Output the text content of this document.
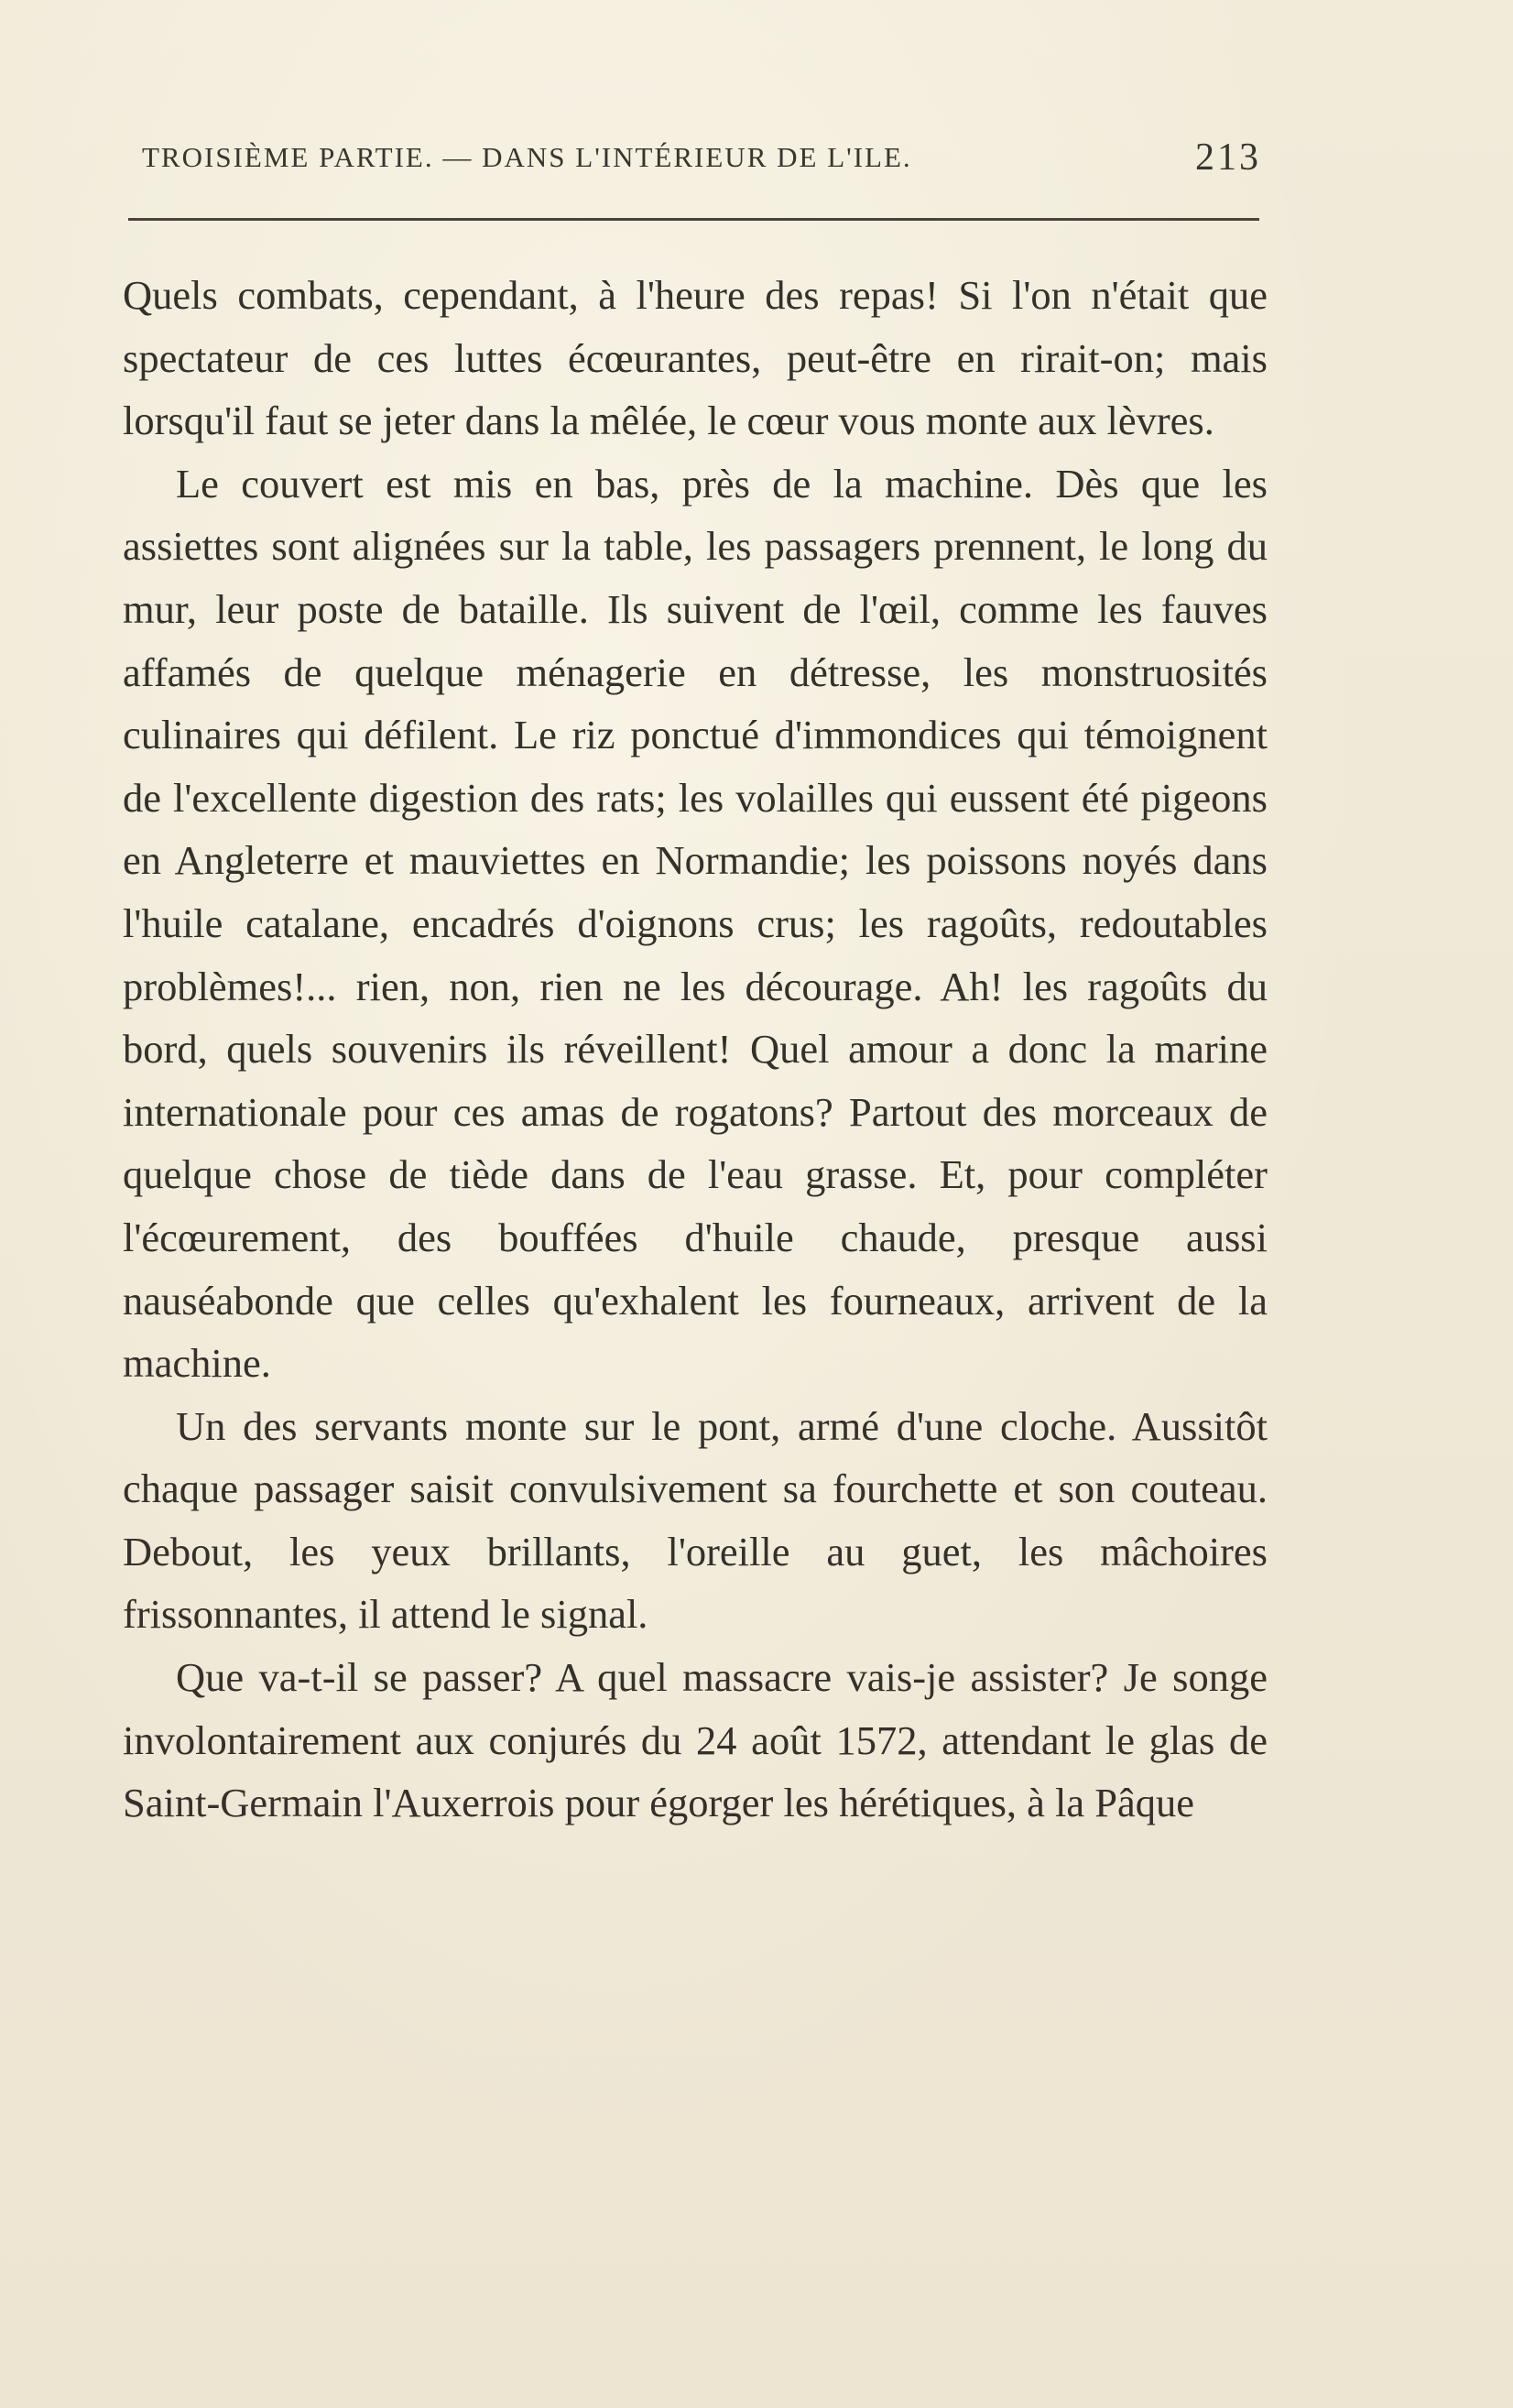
TROISIÈME PARTIE. — DANS L'INTÉRIEUR DE L'ILE.	213

Quels combats, cependant, à l'heure des repas! Si l'on n'était que spectateur de ces luttes écœurantes, peut-être en rirait-on; mais lorsqu'il faut se jeter dans la mêlée, le cœur vous monte aux lèvres.

Le couvert est mis en bas, près de la machine. Dès que les assiettes sont alignées sur la table, les passagers prennent, le long du mur, leur poste de bataille. Ils suivent de l'œil, comme les fauves affamés de quelque ménagerie en détresse, les monstruosités culinaires qui défilent. Le riz ponctué d'immondices qui témoignent de l'excellente digestion des rats; les volailles qui eussent été pigeons en Angleterre et mauviettes en Normandie; les poissons noyés dans l'huile catalane, encadrés d'oignons crus; les ragoûts, redoutables problèmes!... rien, non, rien ne les décourage. Ah! les ragoûts du bord, quels souvenirs ils réveillent! Quel amour a donc la marine internationale pour ces amas de rogatons? Partout des morceaux de quelque chose de tiède dans de l'eau grasse. Et, pour compléter l'écœurement, des bouffées d'huile chaude, presque aussi nauséabonde que celles qu'exhalent les fourneaux, arrivent de la machine.

Un des servants monte sur le pont, armé d'une cloche. Aussitôt chaque passager saisit convulsivement sa fourchette et son couteau. Debout, les yeux brillants, l'oreille au guet, les mâchoires frissonnantes, il attend le signal.

Que va-t-il se passer? A quel massacre vais-je assister? Je songe involontairement aux conjurés du 24 août 1572, attendant le glas de Saint-Germain l'Auxerrois pour égorger les hérétiques, à la Pâque
